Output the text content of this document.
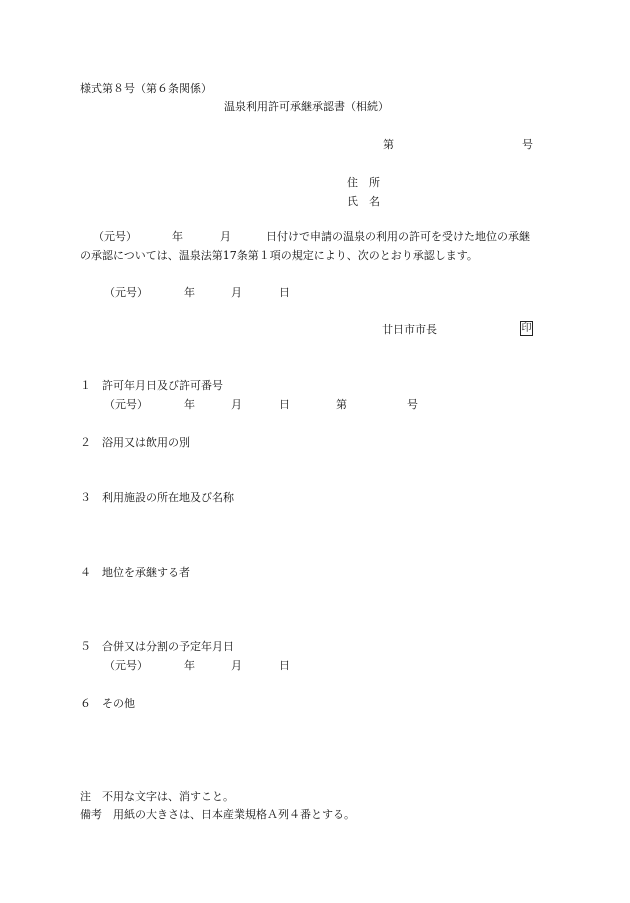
様式第８号（第６条関係）
温泉利用許可承継承認書（相続）
第	号
住　所
氏　名
（元号）	年	月	日付けで申請の温泉の利用の許可を受けた地位の承継
の承認については、温泉法第17条第１項の規定により、次のとおり承認します。
（元号）	年	月	日
廿日市市長	印
１ 許可年月日及び許可番号
（元号）	年	月	日	第	号
２ 浴用又は飲用の別
３ 利用施設の所在地及び名称
４ 地位を承継する者
５ 合併又は分割の予定年月日
（元号）	年	月	日
６ その他
注　不用な文字は、消すこと。
備考　用紙の大きさは、日本産業規格Ａ列４番とする。
